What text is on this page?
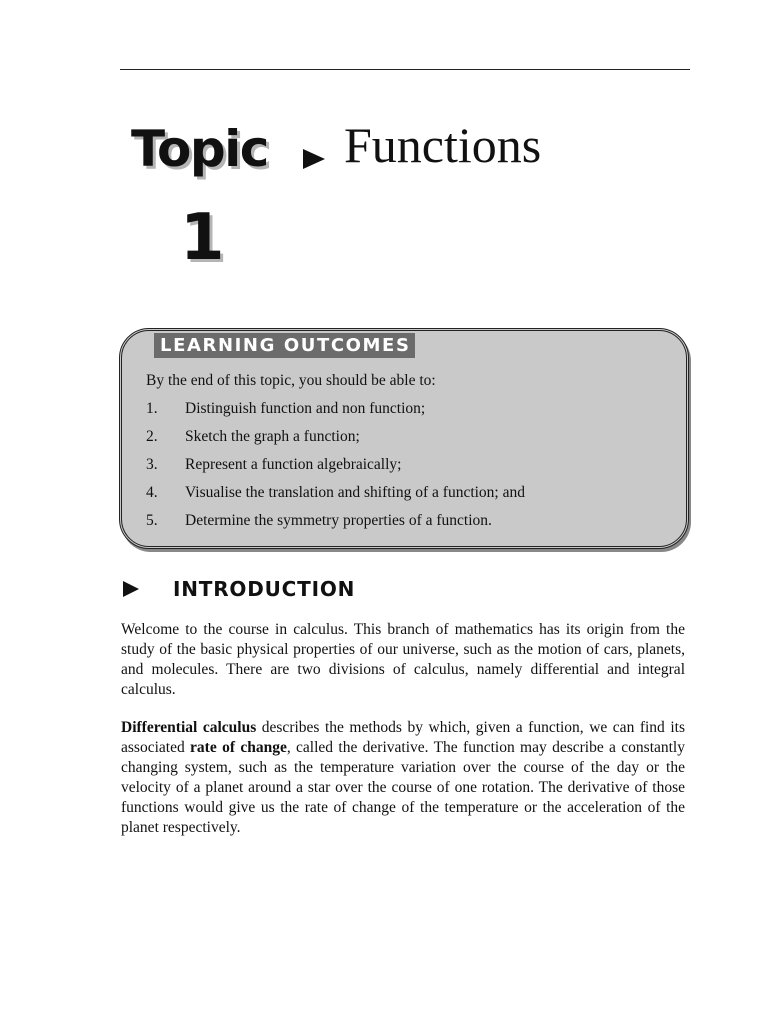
Topic
1
Functions
LEARNING OUTCOMES
By the end of this topic, you should be able to:
1. Distinguish function and non function;
2. Sketch the graph a function;
3. Represent a function algebraically;
4. Visualise the translation and shifting of a function; and
5. Determine the symmetry properties of a function.
INTRODUCTION

Welcome to the course in calculus. This branch of mathematics has its origin from the study of the basic physical properties of our universe, such as the motion of cars, planets, and molecules. There are two divisions of calculus, namely differential and integral calculus.

Differential calculus describes the methods by which, given a function, we can find its associated rate of change, called the derivative. The function may describe a constantly changing system, such as the temperature variation over the course of the day or the velocity of a planet around a star over the course of one rotation. The derivative of those functions would give us the rate of change of the temperature or the acceleration of the planet respectively.
